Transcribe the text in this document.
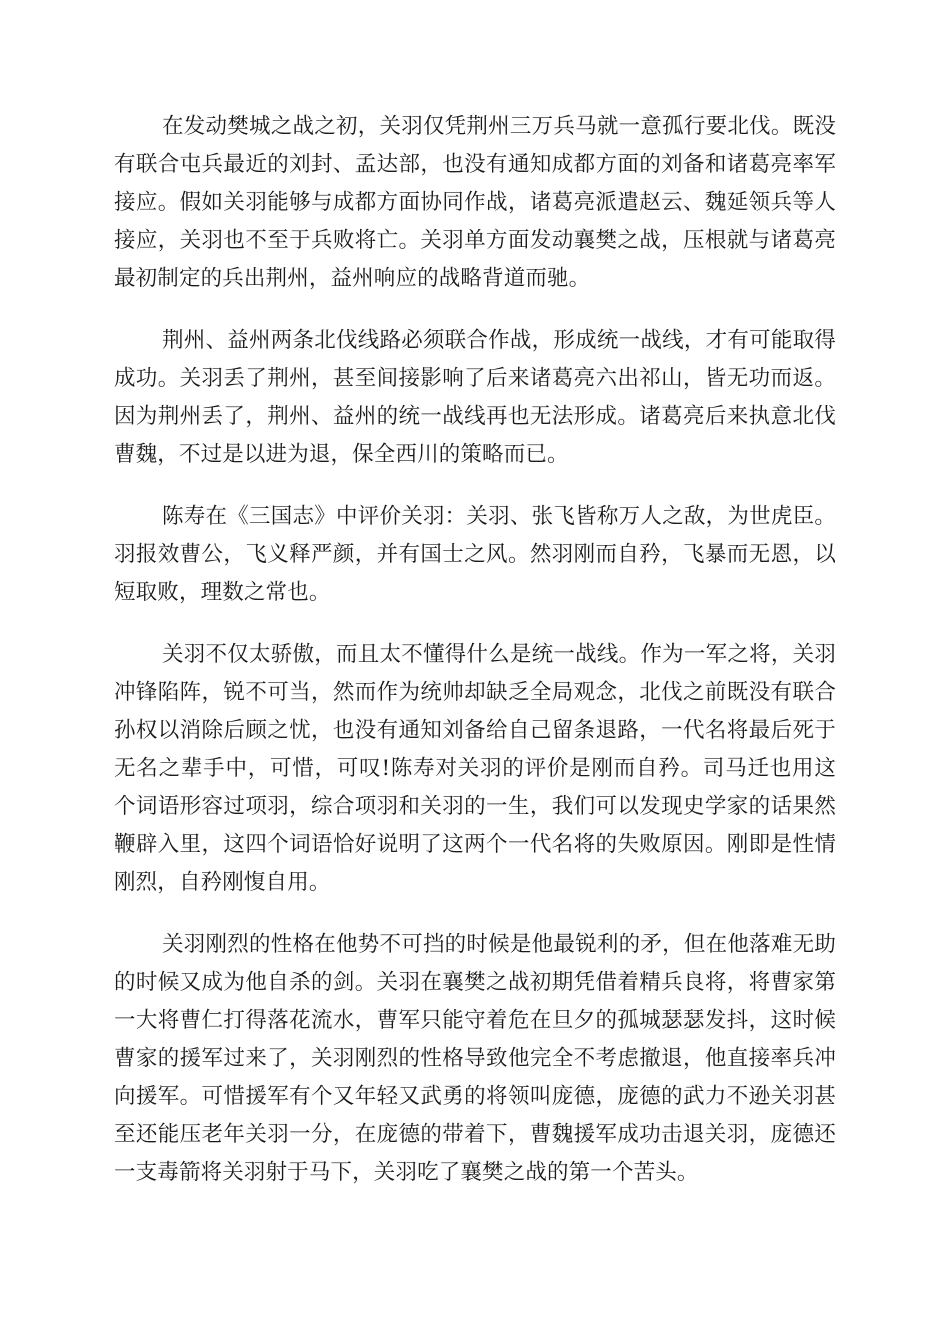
在发动樊城之战之初，关羽仅凭荆州三万兵马就一意孤行要北伐。既没有联合屯兵最近的刘封、孟达部，也没有通知成都方面的刘备和诸葛亮率军接应。假如关羽能够与成都方面协同作战，诸葛亮派遣赵云、魏延领兵等人接应，关羽也不至于兵败将亡。关羽单方面发动襄樊之战，压根就与诸葛亮最初制定的兵出荆州，益州响应的战略背道而驰。

荆州、益州两条北伐线路必须联合作战，形成统一战线，才有可能取得成功。关羽丢了荆州，甚至间接影响了后来诸葛亮六出祁山，皆无功而返。因为荆州丢了，荆州、益州的统一战线再也无法形成。诸葛亮后来执意北伐曹魏，不过是以进为退，保全西川的策略而已。

陈寿在《三国志》中评价关羽：关羽、张飞皆称万人之敌，为世虎臣。羽报效曹公，飞义释严颜，并有国士之风。然羽刚而自矜，飞暴而无恩，以短取败，理数之常也。

关羽不仅太骄傲，而且太不懂得什么是统一战线。作为一军之将，关羽冲锋陷阵，锐不可当，然而作为统帅却缺乏全局观念，北伐之前既没有联合孙权以消除后顾之忧，也没有通知刘备给自己留条退路，一代名将最后死于无名之辈手中，可惜，可叹!陈寿对关羽的评价是刚而自矜。司马迁也用这个词语形容过项羽，综合项羽和关羽的一生，我们可以发现史学家的话果然鞭辟入里，这四个词语恰好说明了这两个一代名将的失败原因。刚即是性情刚烈，自矜刚愎自用。

关羽刚烈的性格在他势不可挡的时候是他最锐利的矛，但在他落难无助的时候又成为他自杀的剑。关羽在襄樊之战初期凭借着精兵良将，将曹家第一大将曹仁打得落花流水，曹军只能守着危在旦夕的孤城瑟瑟发抖，这时候曹家的援军过来了，关羽刚烈的性格导致他完全不考虑撤退，他直接率兵冲向援军。可惜援军有个又年轻又武勇的将领叫庞德，庞德的武力不逊关羽甚至还能压老年关羽一分，在庞德的带着下，曹魏援军成功击退关羽，庞德还一支毒箭将关羽射于马下，关羽吃了襄樊之战的第一个苦头。
